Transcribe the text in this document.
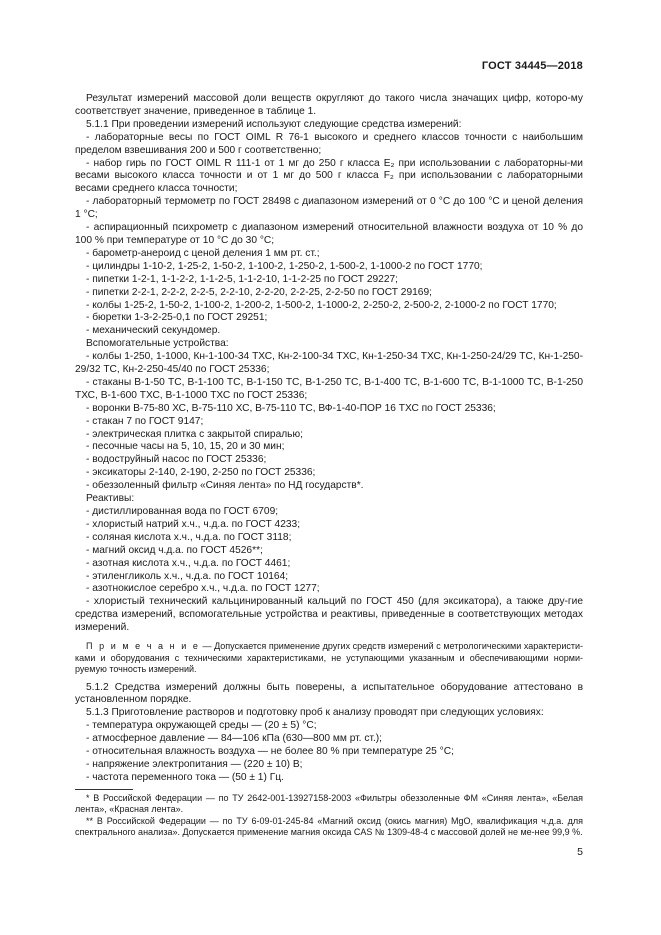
ГОСТ 34445—2018
Результат измерений массовой доли веществ округляют до такого числа значащих цифр, которо-му соответствует значение, приведенное в таблице 1.
5.1.1 При проведении измерений используют следующие средства измерений:
- лабораторные весы по ГОСТ OIML R 76-1 высокого и среднего классов точности с наибольшим пределом взвешивания 200 и 500 г соответственно;
- набор гирь по ГОСТ OIML R 111-1 от 1 мг до 250 г класса E₂ при использовании с лабораторны-ми весами высокого класса точности и от 1 мг до 500 г класса F₂ при использовании с лабораторными весами среднего класса точности;
- лабораторный термометр по ГОСТ 28498 с диапазоном измерений от 0 °С до 100 °С и ценой деления 1 °С;
- аспирационный психрометр с диапазоном измерений относительной влажности воздуха от 10 % до 100 % при температуре от 10 °С до 30 °С;
- барометр-анероид с ценой деления 1 мм рт. ст.;
- цилиндры 1-10-2, 1-25-2, 1-50-2, 1-100-2, 1-250-2, 1-500-2, 1-1000-2 по ГОСТ 1770;
- пипетки 1-2-1, 1-1-2-2, 1-1-2-5, 1-1-2-10, 1-1-2-25 по ГОСТ 29227;
- пипетки 2-2-1, 2-2-2, 2-2-5, 2-2-10, 2-2-20, 2-2-25, 2-2-50 по ГОСТ 29169;
- колбы 1-25-2, 1-50-2, 1-100-2, 1-200-2, 1-500-2, 1-1000-2, 2-250-2, 2-500-2, 2-1000-2 по ГОСТ 1770;
- бюретки 1-3-2-25-0,1 по ГОСТ 29251;
- механический секундомер.
Вспомогательные устройства:
- колбы 1-250, 1-1000, Кн-1-100-34 ТХС, Кн-2-100-34 ТХС, Кн-1-250-34 ТХС, Кн-1-250-24/29 ТС, Кн-1-250-29/32 ТС, Кн-2-250-45/40 по ГОСТ 25336;
- стаканы В-1-50 ТС, В-1-100 ТС, В-1-150 ТС, В-1-250 ТС, В-1-400 ТС, В-1-600 ТС, В-1-1000 ТС, В-1-250 ТХС, В-1-600 ТХС, В-1-1000 ТХС по ГОСТ 25336;
- воронки В-75-80 ХС, В-75-110 ХС, В-75-110 ТС, ВФ-1-40-ПОР 16 ТХС по ГОСТ 25336;
- стакан 7 по ГОСТ 9147;
- электрическая плитка с закрытой спиралью;
- песочные часы на 5, 10, 15, 20 и 30 мин;
- водоструйный насос по ГОСТ 25336;
- эксикаторы 2-140, 2-190, 2-250 по ГОСТ 25336;
- обеззоленный фильтр «Синяя лента» по НД государств*.
Реактивы:
- дистиллированная вода по ГОСТ 6709;
- хлористый натрий х.ч., ч.д.а. по ГОСТ 4233;
- соляная кислота х.ч., ч.д.а. по ГОСТ 3118;
- магний оксид ч.д.а. по ГОСТ 4526**;
- азотная кислота х.ч., ч.д.а. по ГОСТ 4461;
- этиленгликоль х.ч., ч.д.а. по ГОСТ 10164;
- азотнокислое серебро х.ч., ч.д.а. по ГОСТ 1277;
- хлористый технический кальцинированный кальций по ГОСТ 450 (для эксикатора), а также дру-гие средства измерений, вспомогательные устройства и реактивы, приведенные в соответствующих методах измерений.
П р и м е ч а н и е — Допускается применение других средств измерений с метрологическими характеристи-ками и оборудования с техническими характеристиками, не уступающими указанным и обеспечивающими норми-руемую точность измерений.
5.1.2 Средства измерений должны быть поверены, а испытательное оборудование аттестовано в установленном порядке.
5.1.3 Приготовление растворов и подготовку проб к анализу проводят при следующих условиях:
- температура окружающей среды — (20 ± 5) °С;
- атмосферное давление — 84—106 кПа (630—800 мм рт. ст.);
- относительная влажность воздуха — не более 80 % при температуре 25 °С;
- напряжение электропитания — (220 ± 10) В;
- частота переменного тока — (50 ± 1) Гц.
* В Российской Федерации — по ТУ 2642-001-13927158-2003 «Фильтры обеззоленные ФМ «Синяя лента», «Белая лента», «Красная лента».
** В Российской Федерации — по ТУ 6-09-01-245-84 «Магний оксид (окись магния) MgO, квалификация ч.д.а. для спектрального анализа». Допускается применение магния оксида CAS № 1309-48-4 с массовой долей не ме-нее 99,9 %.
5
